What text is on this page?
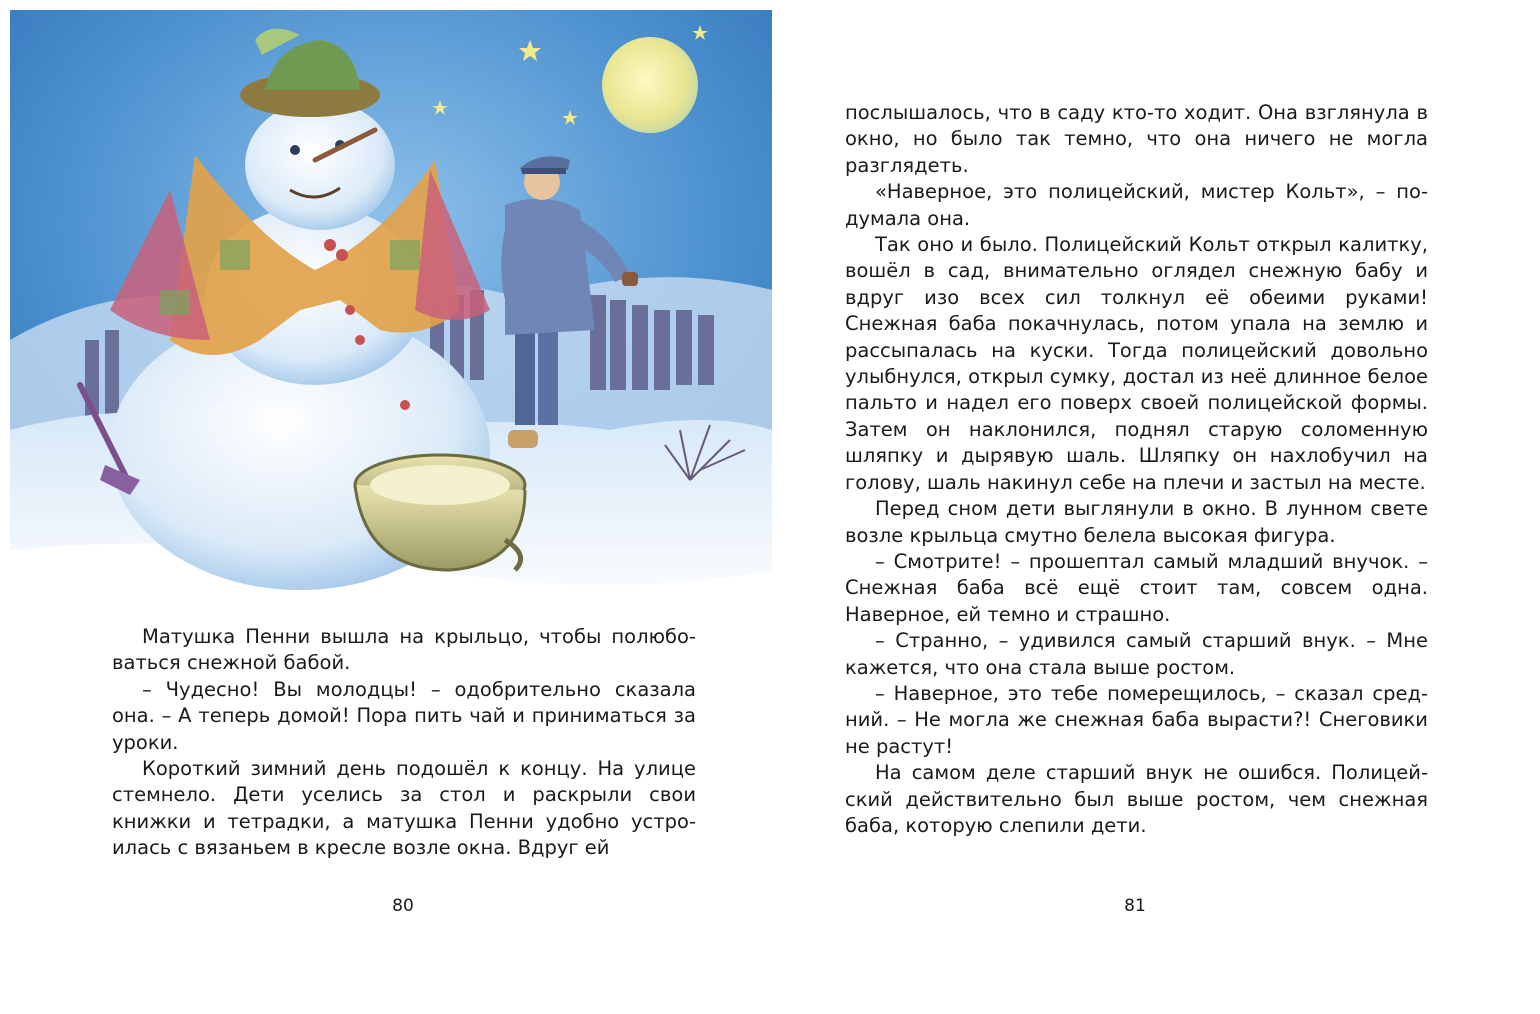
Матушка Пенни вышла на крыльцо, чтобы полюбоваться снежной бабой.

– Чудесно! Вы молодцы! – одобрительно сказала она. – А теперь домой! Пора пить чай и приниматься за уроки.

Короткий зимний день подошёл к концу. На улице стемнело. Дети уселись за стол и раскрыли свои книжки и тетрадки, а матушка Пенни удобно устроилась с вязаньем в кресле возле окна. Вдруг ей

80

послышалось, что в саду кто-то ходит. Она взглянула в окно, но было так темно, что она ничего не могла разглядеть.

«Наверное, это полицейский, мистер Кольт», – подумала она.

Так оно и было. Полицейский Кольт открыл калитку, вошёл в сад, внимательно оглядел снежную бабу и вдруг изо всех сил толкнул её обеими руками! Снежная баба покачнулась, потом упала на землю и рассыпалась на куски. Тогда полицейский довольно улыбнулся, открыл сумку, достал из неё длинное белое пальто и надел его поверх своей полицейской формы. Затем он наклонился, поднял старую соломенную шляпку и дырявую шаль. Шляпку он нахлобучил на голову, шаль накинул себе на плечи и застыл на месте.

Перед сном дети выглянули в окно. В лунном свете возле крыльца смутно белела высокая фигура.

– Смотрите! – прошептал самый младший внучок. – Снежная баба всё ещё стоит там, совсем одна. Наверное, ей темно и страшно.

– Странно, – удивился самый старший внук. – Мне кажется, что она стала выше ростом.

– Наверное, это тебе померещилось, – сказал средний. – Не могла же снежная баба вырасти?! Снеговики не растут!

На самом деле старший внук не ошибся. Полицейский действительно был выше ростом, чем снежная баба, которую слепили дети.

81
